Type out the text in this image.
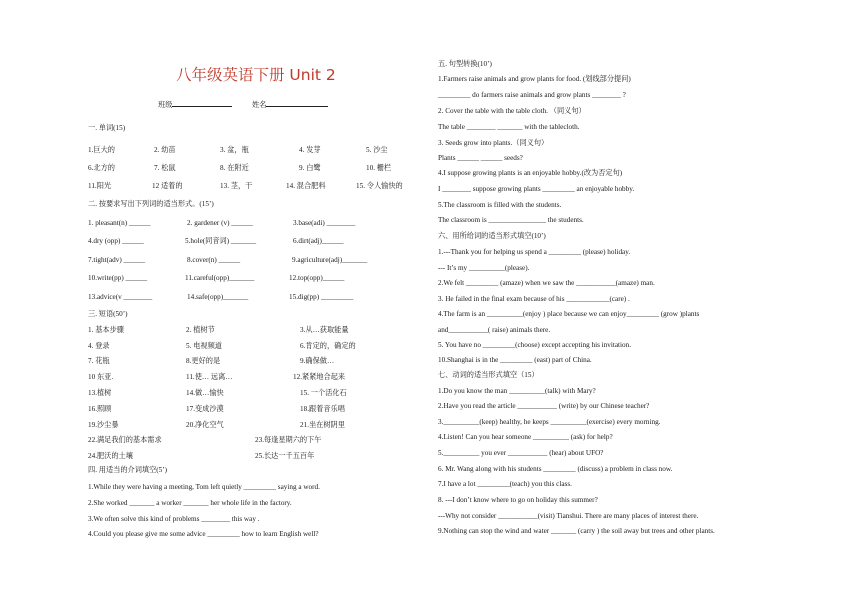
八年级英语下册 Unit 2
班级	姓名
一. 单词(15)
1.巨大的	2. 幼苗	3. 盆，瓶	4. 发芽	5. 沙尘
6.北方的	7. 松鼠	8. 在附近	9. 白鹭	10. 栅栏
11.阳光	12 适着的	13. 茎，干	14. 混合肥料	15. 令人愉快的
二. 按要求写出下列词的适当形式。(15’)
1. pleasant(n) ______	2. gardener (v) ______	3.base(adi) ________
4.dry (opp) ______	5.hole(同音词) _______	6.dirt(adj)______
7.tight(adv) ______	8.cover(n) ______	9.agriculture(adj)_______
10.write(pp) ______	11.careful(opp)_______	12.top(opp)______
13.advice(v ________	14.safe(opp)_______	15.dig(pp) _________
三. 短语(50’)
1. 基本步骤	2. 植树节	3.从…获取能量
4. 登录	5. 电视频道	6.肯定的，确定的
7. 花瓶	8.更好的是	9.确保做…
10 东亚.	11.使… 远离…	12.紧紧地合起来
13.植树	14.做…愉快	15. 一个活化石
16.照顾	17.变成沙漠	18.跟着音乐唱
19.沙尘暴	20.净化空气	21.坐在树阴里
22.满足我们的基本需求	23.每逢星期六的下午
24.肥沃的土壤	25.长达一千五百年
四. 用适当的介词填空(5’)
1.While they were having a meeting, Tom left quietly _________ saying a word.
2.She worked _______ a worker _______ her whole life in the factory.
3.We often solve this kind of problems ________ this way .
4.Could you please give me some advice _________ how to learn English well?
五. 句型转换(10’)
1.Farmers raise animals and grow plants for food. (划线部分提问)
_________ do farmers raise animals and grow plants ________ ?
2. Cover the table with the table cloth. （同义句）
The table ________ _______ with the tablecloth.
3. Seeds grow into plants.（同义句）
Plants ______ ______ seeds?
4.I suppose growing plants is an enjoyable hobby.(改为否定句)
I ________ suppose growing plants _________ an enjoyable hobby.
5.The classroom is filled with the students.
The classroom is ________________ the students.
六、用所给词的适当形式填空(10’)
1.---Thank you for helping us spend a _________ (please) holiday.
--- It’s my __________(please).
2.We felt _________ (amaze) when we saw the ___________(amaze) man.
3. He failed in the final exam because of his ____________(care) .
4.The farm is an __________(enjoy ) place because we can enjoy_________ (grow )plants
and___________( raise) animals there.
5. You have no _________(choose) except accepting his invitation.
10.Shanghai is in the _________ (east) part of China.
七、动词的适当形式填空（15）
1.Do you know the man __________(talk) with Mary?
2.Have you read the article ___________ (write) by our Chinese teacher?
3.__________(keep) healthy, he keeps __________(exercise) every morning.
4.Listen! Can you hear someone __________ (ask) for help?
5.__________ you ever ___________ (hear) about UFO?
6. Mr. Wang along with his students _________ (discuss) a problem in class now.
7.I have a lot _________(teach) you this class.
8. ---I don’t know where to go on holiday this summer?
---Why not consider ___________(visit) Tianshui. There are many places of interest there.
9.Nothing can stop the wind and water _______ (carry ) the soil away but trees and other plants.
